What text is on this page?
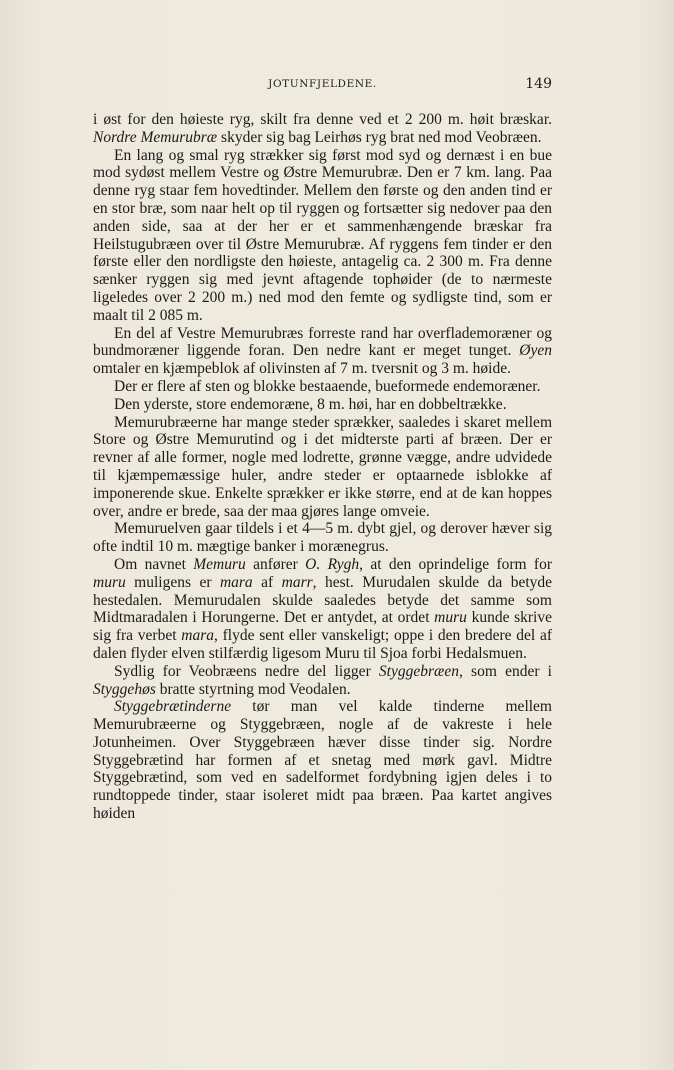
JOTUNFJELDENE.	149

i øst for den høieste ryg, skilt fra denne ved et 2 200 m. høit bræskar. Nordre Memurubræ skyder sig bag Leirhøs ryg brat ned mod Veobræen.

En lang og smal ryg strækker sig først mod syd og dernæst i en bue mod sydøst mellem Vestre og Østre Memurubræ. Den er 7 km. lang. Paa denne ryg staar fem hovedtinder. Mellem den første og den anden tind er en stor bræ, som naar helt op til ryggen og fortsætter sig nedover paa den anden side, saa at der her er et sammenhængende bræskar fra Heilstugubræen over til Østre Memurubræ. Af ryggens fem tinder er den første eller den nordligste den høieste, antagelig ca. 2 300 m. Fra denne sænker ryggen sig med jevnt aftagende tophøider (de to nærmeste ligeledes over 2 200 m.) ned mod den femte og sydligste tind, som er maalt til 2 085 m.

En del af Vestre Memurubræs forreste rand har overflademoræner og bundmoræner liggende foran. Den nedre kant er meget tunget. Øyen omtaler en kjæmpeblok af olivinsten af 7 m. tversnit og 3 m. høide.

Der er flere af sten og blokke bestaaende, bueformede endemoræner.

Den yderste, store endemoræne, 8 m. høi, har en dobbeltrække.

Memurubræerne har mange steder sprækker, saaledes i skaret mellem Store og Østre Memurutind og i det midterste parti af bræen. Der er revner af alle former, nogle med lodrette, grønne vægge, andre udvidede til kjæmpemæssige huler, andre steder er optaarnede isblokke af imponerende skue. Enkelte sprækker er ikke større, end at de kan hoppes over, andre er brede, saa der maa gjøres lange omveie.

Memuruelven gaar tildels i et 4—5 m. dybt gjel, og derover hæver sig ofte indtil 10 m. mægtige banker i morænegrus.

Om navnet Memuru anfører O. Rygh, at den oprindelige form for muru muligens er mara af marr, hest. Murudalen skulde da betyde hestedalen. Memurudalen skulde saaledes betyde det samme som Midtmaradalen i Horungerne. Det er antydet, at ordet muru kunde skrive sig fra verbet mara, flyde sent eller vanskeligt; oppe i den bredere del af dalen flyder elven stilfærdig ligesom Muru til Sjoa forbi Hedalsmuen.

Sydlig for Veobræens nedre del ligger Styggebræen, som ender i Styggehøs bratte styrtning mod Veodalen.

Styggebrætinderne tør man vel kalde tinderne mellem Memurubræerne og Styggebræen, nogle af de vakreste i hele Jotunheimen. Over Styggebræen hæver disse tinder sig. Nordre Styggebrætind har formen af et snetag med mørk gavl. Midtre Styggebrætind, som ved en sadelformet fordybning igjen deles i to rundtoppede tinder, staar isoleret midt paa bræen. Paa kartet angives høiden
